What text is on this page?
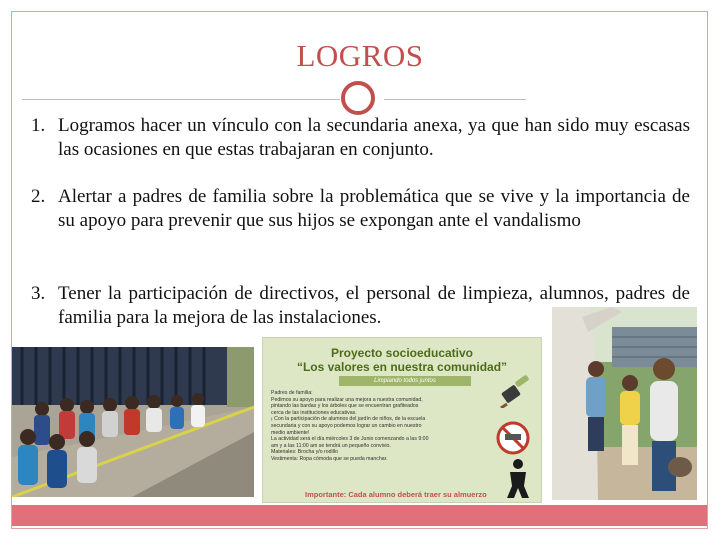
LOGROS
1. Logramos hacer un vínculo con la secundaria anexa, ya que han sido muy escasas las ocasiones en que estas trabajaran en conjunto.
2. Alertar a padres de familia sobre la problemática que se vive y la importancia de su apoyo para prevenir que sus hijos se expongan ante el vandalismo
3. Tener la participación de directivos, el personal de limpieza, alumnos, padres de familia para la mejora de las instalaciones.
Proyecto socioeducativo
“Los valores en nuestra comunidad”
Limpiando todos juntos
Padres de familia:
Pedimos su apoyo para realizar una mejora a nuestra comunidad,
pintando las bardas y los árboles que se encuentran grafiteados
cerca de las instituciones educativas.
¡ Con la participación de alumnos del jardín de niños, de la escuela
secundaria y con su apoyo podemos lograr un cambio en nuestro
medio ambiente!
La actividad será el día miércoles 3 de Junio comenzando a las 9:00
am y a las 11:00 am se tendrá un pequeño convivio.
Materiales: Brocha y/o rodillo
Vestimenta: Ropa cómoda que se pueda manchar.
Importante: Cada alumno deberá traer su almuerzo
